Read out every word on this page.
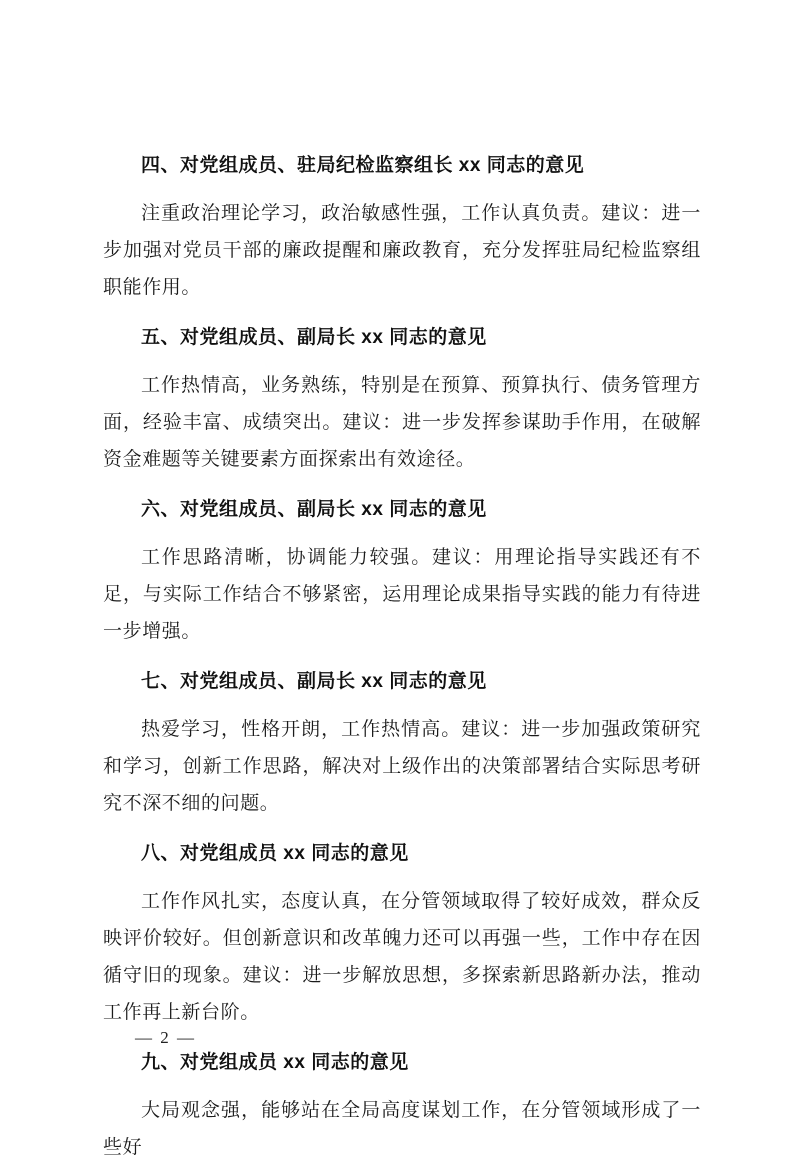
四、对党组成员、驻局纪检监察组长 xx 同志的意见

注重政治理论学习，政治敏感性强，工作认真负责。建议：进一步加强对党员干部的廉政提醒和廉政教育，充分发挥驻局纪检监察组职能作用。

五、对党组成员、副局长 xx 同志的意见

工作热情高，业务熟练，特别是在预算、预算执行、债务管理方面，经验丰富、成绩突出。建议：进一步发挥参谋助手作用，在破解资金难题等关键要素方面探索出有效途径。

六、对党组成员、副局长 xx 同志的意见

工作思路清晰，协调能力较强。建议：用理论指导实践还有不足，与实际工作结合不够紧密，运用理论成果指导实践的能力有待进一步增强。

七、对党组成员、副局长 xx 同志的意见

热爱学习，性格开朗，工作热情高。建议：进一步加强政策研究和学习，创新工作思路，解决对上级作出的决策部署结合实际思考研究不深不细的问题。

八、对党组成员 xx 同志的意见

工作作风扎实，态度认真，在分管领域取得了较好成效，群众反映评价较好。但创新意识和改革魄力还可以再强一些，工作中存在因循守旧的现象。建议：进一步解放思想，多探索新思路新办法，推动工作再上新台阶。

九、对党组成员 xx 同志的意见

大局观念强，能够站在全局高度谋划工作，在分管领域形成了一些好

— 2 —
